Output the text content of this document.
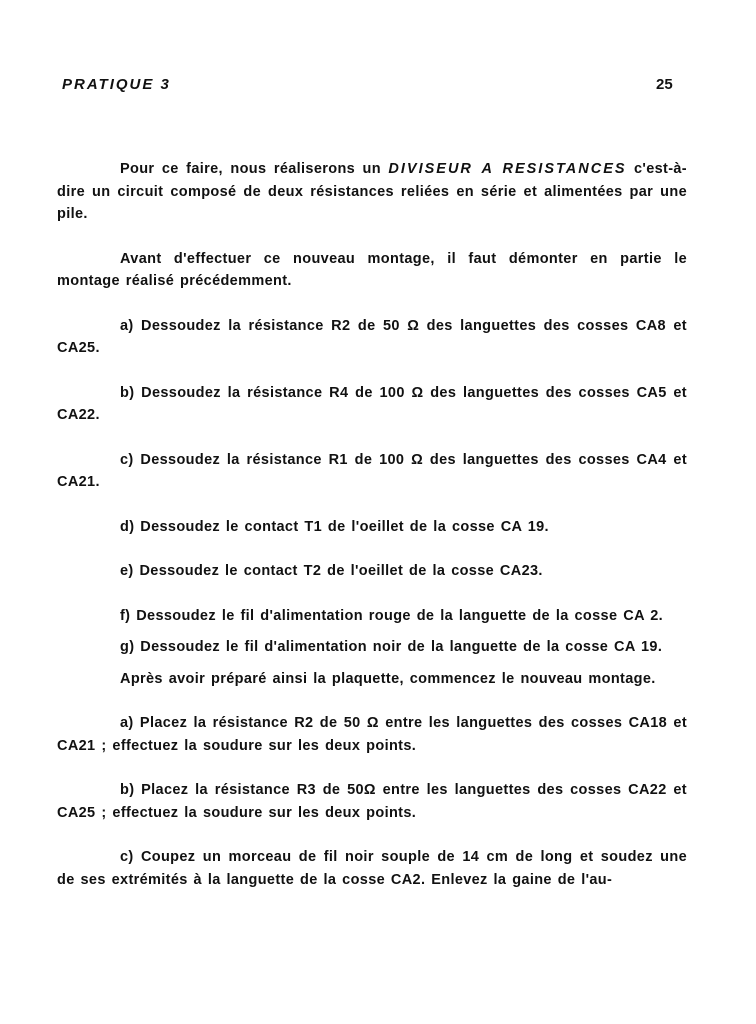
PRATIQUE 3	25

Pour ce faire, nous réaliserons un DIVISEUR A RESISTANCES c'est-à-dire un circuit composé de deux résistances reliées en série et alimentées par une pile.

Avant d'effectuer ce nouveau montage, il faut démonter en partie le montage réalisé précédemment.

a) Dessoudez la résistance R2 de 50 Ω des languettes des cosses CA8 et CA25.

b) Dessoudez la résistance R4 de 100 Ω des languettes des cosses CA5 et CA22.

c) Dessoudez la résistance R1 de 100 Ω des languettes des cosses CA4 et CA21.

d) Dessoudez le contact T1 de l'oeillet de la cosse CA 19.

e) Dessoudez le contact T2 de l'oeillet de la cosse CA23.

f) Dessoudez le fil d'alimentation rouge de la languette de la cosse CA 2.

g) Dessoudez le fil d'alimentation noir de la languette de la cosse CA 19.

Après avoir préparé ainsi la plaquette, commencez le nouveau montage.

a) Placez la résistance R2 de 50 Ω entre les languettes des cosses CA18 et CA21 ; effectuez la soudure sur les deux points.

b) Placez la résistance R3 de 50Ω entre les languettes des cosses CA22 et CA25 ; effectuez la soudure sur les deux points.

c) Coupez un morceau de fil noir souple de 14 cm de long et soudez une de ses extrémités à la languette de la cosse CA2. Enlevez la gaine de l'au-
